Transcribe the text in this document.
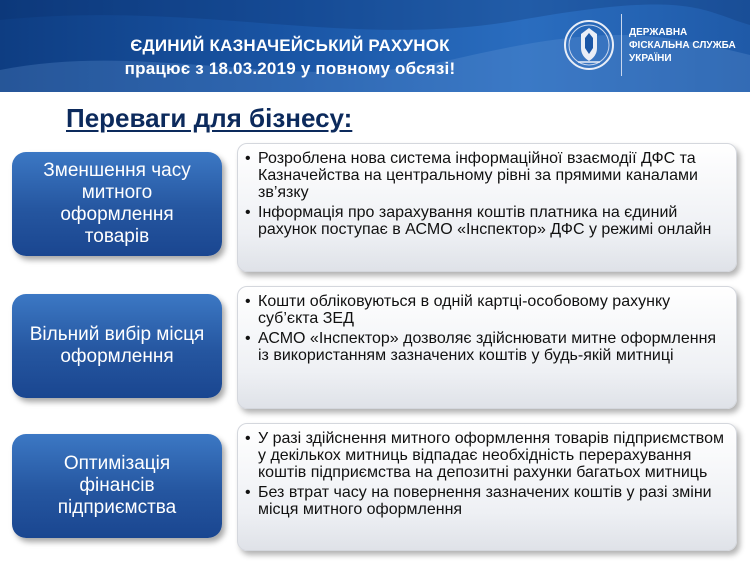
ЄДИНИЙ КАЗНАЧЕЙСЬКИЙ РАХУНОК
працює з 18.03.2019 у повному обсязі!
ДЕРЖАВНА
ФІСКАЛЬНА СЛУЖБА
УКРАЇНИ
Переваги для бізнесу:
Зменшення часу митного оформлення товарів
• Розроблена нова система інформаційної взаємодії ДФС та Казначейства на центральному рівні за прямими каналами зв’язку
• Інформація про зарахування коштів платника на єдиний рахунок поступає в АСМО «Інспектор» ДФС у режимі онлайн
Вільний вибір місця оформлення
• Кошти обліковуються в одній картці-особовому рахунку суб’єкта ЗЕД
• АСМО «Інспектор» дозволяє здійснювати митне оформлення із використанням зазначених коштів у будь-якій митниці
Оптимізація фінансів підприємства
• У разі здійснення митного оформлення товарів підприємством у декількох митниць відпадає необхідність перерахування коштів підприємства на депозитні рахунки багатьох митниць
• Без втрат часу на повернення зазначених коштів у разі зміни місця митного оформлення
